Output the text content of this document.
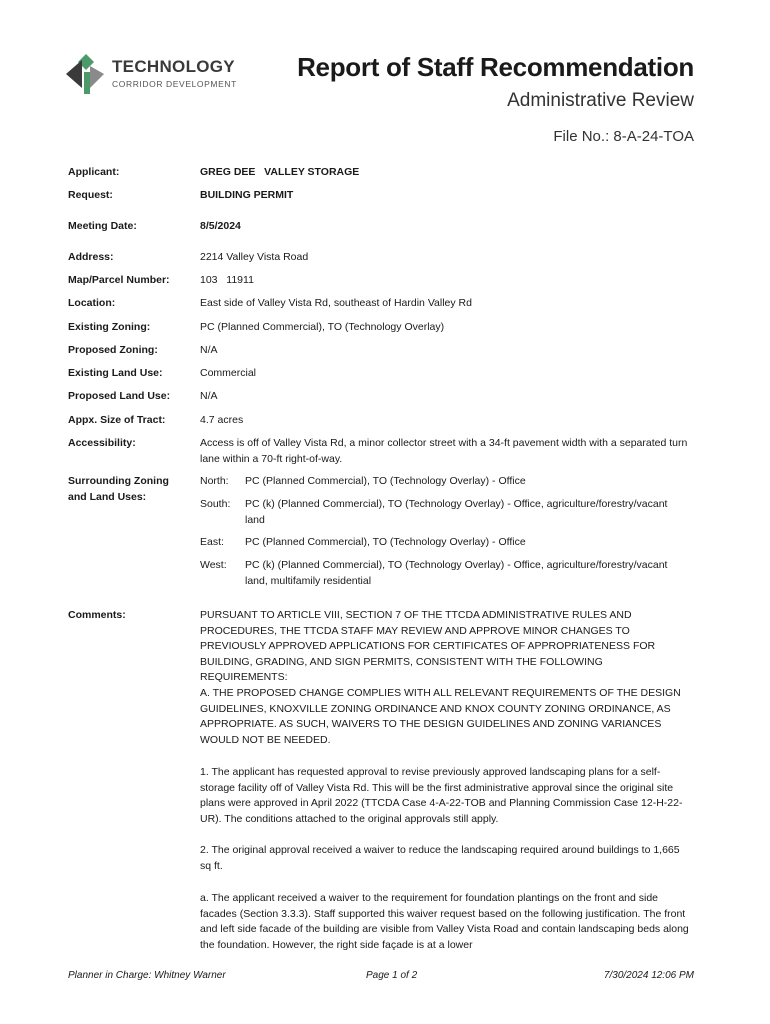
TECHNOLOGY
CORRIDOR DEVELOPMENT
Report of Staff Recommendation
Administrative Review
File No.: 8-A-24-TOA
Applicant:	GREG DEE   VALLEY STORAGE
Request:	BUILDING PERMIT
Meeting Date:	8/5/2024
Address:	2214 Valley Vista Road
Map/Parcel Number:	103   11911
Location:	East side of Valley Vista Rd, southeast of Hardin Valley Rd
Existing Zoning:	PC (Planned Commercial), TO (Technology Overlay)
Proposed Zoning:	N/A
Existing Land Use:	Commercial
Proposed Land Use:	N/A
Appx. Size of Tract:	4.7 acres
Accessibility:	Access is off of Valley Vista Rd, a minor collector street with a 34-ft pavement width with a separated turn lane within a 70-ft right-of-way.
Surrounding Zoning
and Land Uses:
North: PC (Planned Commercial), TO (Technology Overlay) - Office
South: PC (k) (Planned Commercial), TO (Technology Overlay) - Office, agriculture/forestry/vacant land
East: PC (Planned Commercial), TO (Technology Overlay) - Office
West: PC (k) (Planned Commercial), TO (Technology Overlay) - Office, agriculture/forestry/vacant land, multifamily residential
Comments:	PURSUANT TO ARTICLE VIII, SECTION 7 OF THE TTCDA ADMINISTRATIVE RULES AND PROCEDURES, THE TTCDA STAFF MAY REVIEW AND APPROVE MINOR CHANGES TO PREVIOUSLY APPROVED APPLICATIONS FOR CERTIFICATES OF APPROPRIATENESS FOR BUILDING, GRADING, AND SIGN PERMITS, CONSISTENT WITH THE FOLLOWING REQUIREMENTS:
A. THE PROPOSED CHANGE COMPLIES WITH ALL RELEVANT REQUIREMENTS OF THE DESIGN GUIDELINES, KNOXVILLE ZONING ORDINANCE AND KNOX COUNTY ZONING ORDINANCE, AS APPROPRIATE. AS SUCH, WAIVERS TO THE DESIGN GUIDELINES AND ZONING VARIANCES WOULD NOT BE NEEDED.
1. The applicant has requested approval to revise previously approved landscaping plans for a self-storage facility off of Valley Vista Rd. This will be the first administrative approval since the original site plans were approved in April 2022 (TTCDA Case 4-A-22-TOB and Planning Commission Case 12-H-22-UR). The conditions attached to the original approvals still apply.
2. The original approval received a waiver to reduce the landscaping required around buildings to 1,665 sq ft.
a. The applicant received a waiver to the requirement for foundation plantings on the front and side facades (Section 3.3.3). Staff supported this waiver request based on the following justification. The front and left side facade of the building are visible from Valley Vista Road and contain landscaping beds along the foundation. However, the right side façade is at a lower
Planner in Charge: Whitney Warner	Page 1 of 2	7/30/2024 12:06 PM
